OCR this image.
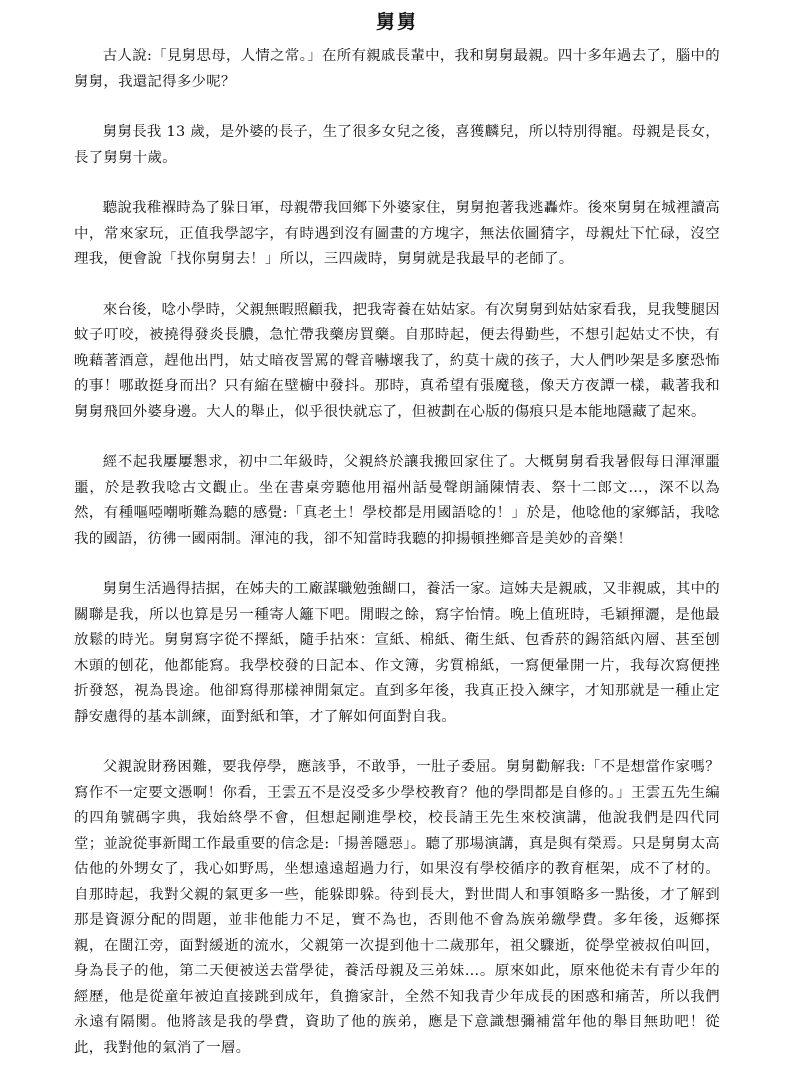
舅舅

古人說:「見舅思母，人情之常。」在所有親戚長輩中，我和舅舅最親。四十多年過去了，腦中的舅舅，我還記得多少呢？

舅舅長我 13 歲，是外婆的長子，生了很多女兒之後，喜獲麟兒，所以特別得寵。母親是長女，長了舅舅十歲。

聽說我稚褓時為了躲日軍，母親帶我回鄉下外婆家住，舅舅抱著我逃轟炸。後來舅舅在城裡讀高中，常來家玩，正值我學認字，有時遇到沒有圖畫的方塊字，無法依圖猜字，母親灶下忙碌，沒空理我，便會說「找你舅舅去！」所以，三四歲時，舅舅就是我最早的老師了。

來台後，唸小學時，父親無暇照顧我，把我寄養在姑姑家。有次舅舅到姑姑家看我，見我雙腿因蚊子叮咬，被撓得發炎長膿，急忙帶我藥房買藥。自那時起，便去得勤些，不想引起姑丈不快，有晚藉著酒意，趕他出門，姑丈暗夜詈罵的聲音嚇壞我了，約莫十歲的孩子，大人們吵架是多麼恐怖的事！哪敢挺身而出？只有縮在壁櫥中發抖。那時，真希望有張魔毯，像天方夜譚一樣，載著我和舅舅飛回外婆身邊。大人的舉止，似乎很快就忘了，但被劃在心版的傷痕只是本能地隱藏了起來。

經不起我屢屢懇求，初中二年級時，父親終於讓我搬回家住了。大概舅舅看我暑假每日渾渾噩噩，於是教我唸古文觀止。坐在書桌旁聽他用福州話曼聲朗誦陳情表、祭十二郎文…，深不以為然，有種嘔啞嘲哳難為聽的感覺:「真老土！學校都是用國語唸的！」於是，他唸他的家鄉話，我唸我的國語，彷彿一國兩制。渾沌的我，卻不知當時我聽的抑揚頓挫鄉音是美妙的音樂！

舅舅生活過得拮据，在姊夫的工廠謀職勉強餬口，養活一家。這姊夫是親戚，又非親戚，其中的關聯是我，所以也算是另一種寄人籬下吧。閒暇之餘，寫字怡情。晚上值班時，毛穎揮灑，是他最放鬆的時光。舅舅寫字從不擇紙，隨手拈來：宣紙、棉紙、衛生紙、包香菸的錫箔紙內層、甚至刨木頭的刨花，他都能寫。我學校發的日記本、作文簿，劣質棉紙，一寫便暈開一片，我每次寫便挫折發怒，視為畏途。他卻寫得那樣神閒氣定。直到多年後，我真正投入練字，才知那就是一種止定靜安慮得的基本訓練，面對紙和筆，才了解如何面對自我。

父親說財務困難，要我停學，應該爭，不敢爭，一肚子委屈。舅舅勸解我:「不是想當作家嗎？寫作不一定要文憑啊！你看，王雲五不是沒受多少學校教育？他的學問都是自修的。」王雲五先生編的四角號碼字典，我始終學不會，但想起剛進學校，校長請王先生來校演講，他說我們是四代同堂；並說從事新聞工作最重要的信念是:「揚善隱惡」。聽了那場演講，真是與有榮焉。只是舅舅太高估他的外甥女了，我心如野馬，坐想遠遠超過力行，如果沒有學校循序的教育框架，成不了材的。自那時起，我對父親的氣更多一些，能躲即躲。待到長大，對世間人和事領略多一點後，才了解到那是資源分配的問題，並非他能力不足，實不為也，否則他不會為族弟繳學費。多年後，返鄉探親，在閩江旁，面對緩逝的流水，父親第一次提到他十二歲那年，祖父驟逝，從學堂被叔伯叫回，身為長子的他，第二天便被送去當學徒，養活母親及三弟妹…。原來如此，原來他從未有青少年的經歷，他是從童年被迫直接跳到成年，負擔家計，全然不知我青少年成長的困惑和痛苦，所以我們永遠有隔閡。他將該是我的學費，資助了他的族弟，應是下意識想彌補當年他的舉目無助吧！從此，我對他的氣消了一層。
